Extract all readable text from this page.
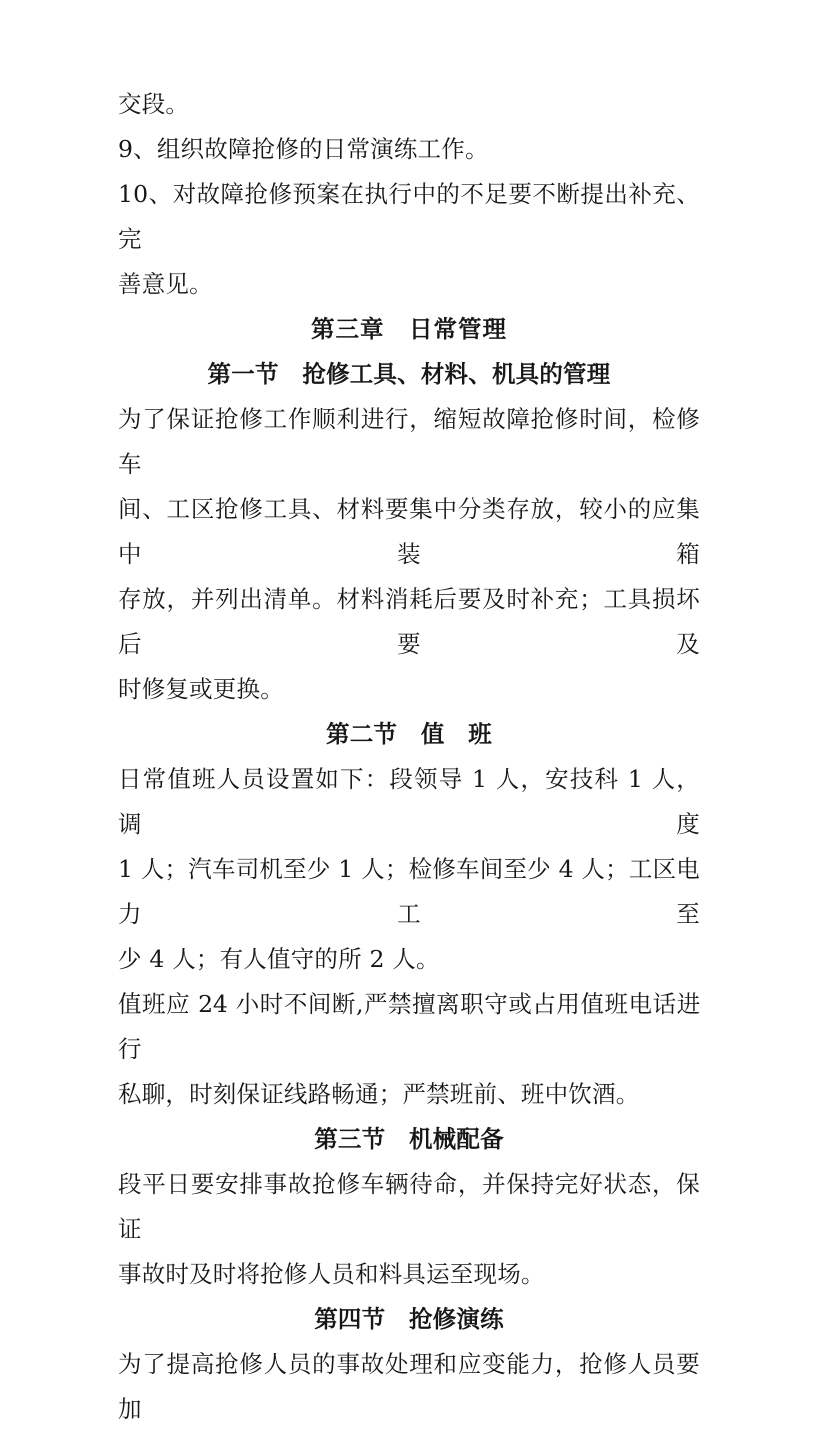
交段。

9、组织故障抢修的日常演练工作。

10、对故障抢修预案在执行中的不足要不断提出补充、完
善意见。

第三章　日常管理
第一节　抢修工具、材料、机具的管理

为了保证抢修工作顺利进行，缩短故障抢修时间，检修车
间、工区抢修工具、材料要集中分类存放，较小的应集中装箱
存放，并列出清单。材料消耗后要及时补充；工具损坏后要及
时修复或更换。

第二节　值　班

日常值班人员设置如下：段领导 1 人，安技科 1 人，调度
1 人；汽车司机至少 1 人；检修车间至少 4 人；工区电力工至
少 4 人；有人值守的所 2 人。

值班应 24 小时不间断,严禁擅离职守或占用值班电话进行
私聊，时刻保证线路畅通；严禁班前、班中饮酒。

第三节　机械配备

段平日要安排事故抢修车辆待命，并保持完好状态，保证
事故时及时将抢修人员和料具运至现场。

第四节　抢修演练

为了提高抢修人员的事故处理和应变能力，抢修人员要加
